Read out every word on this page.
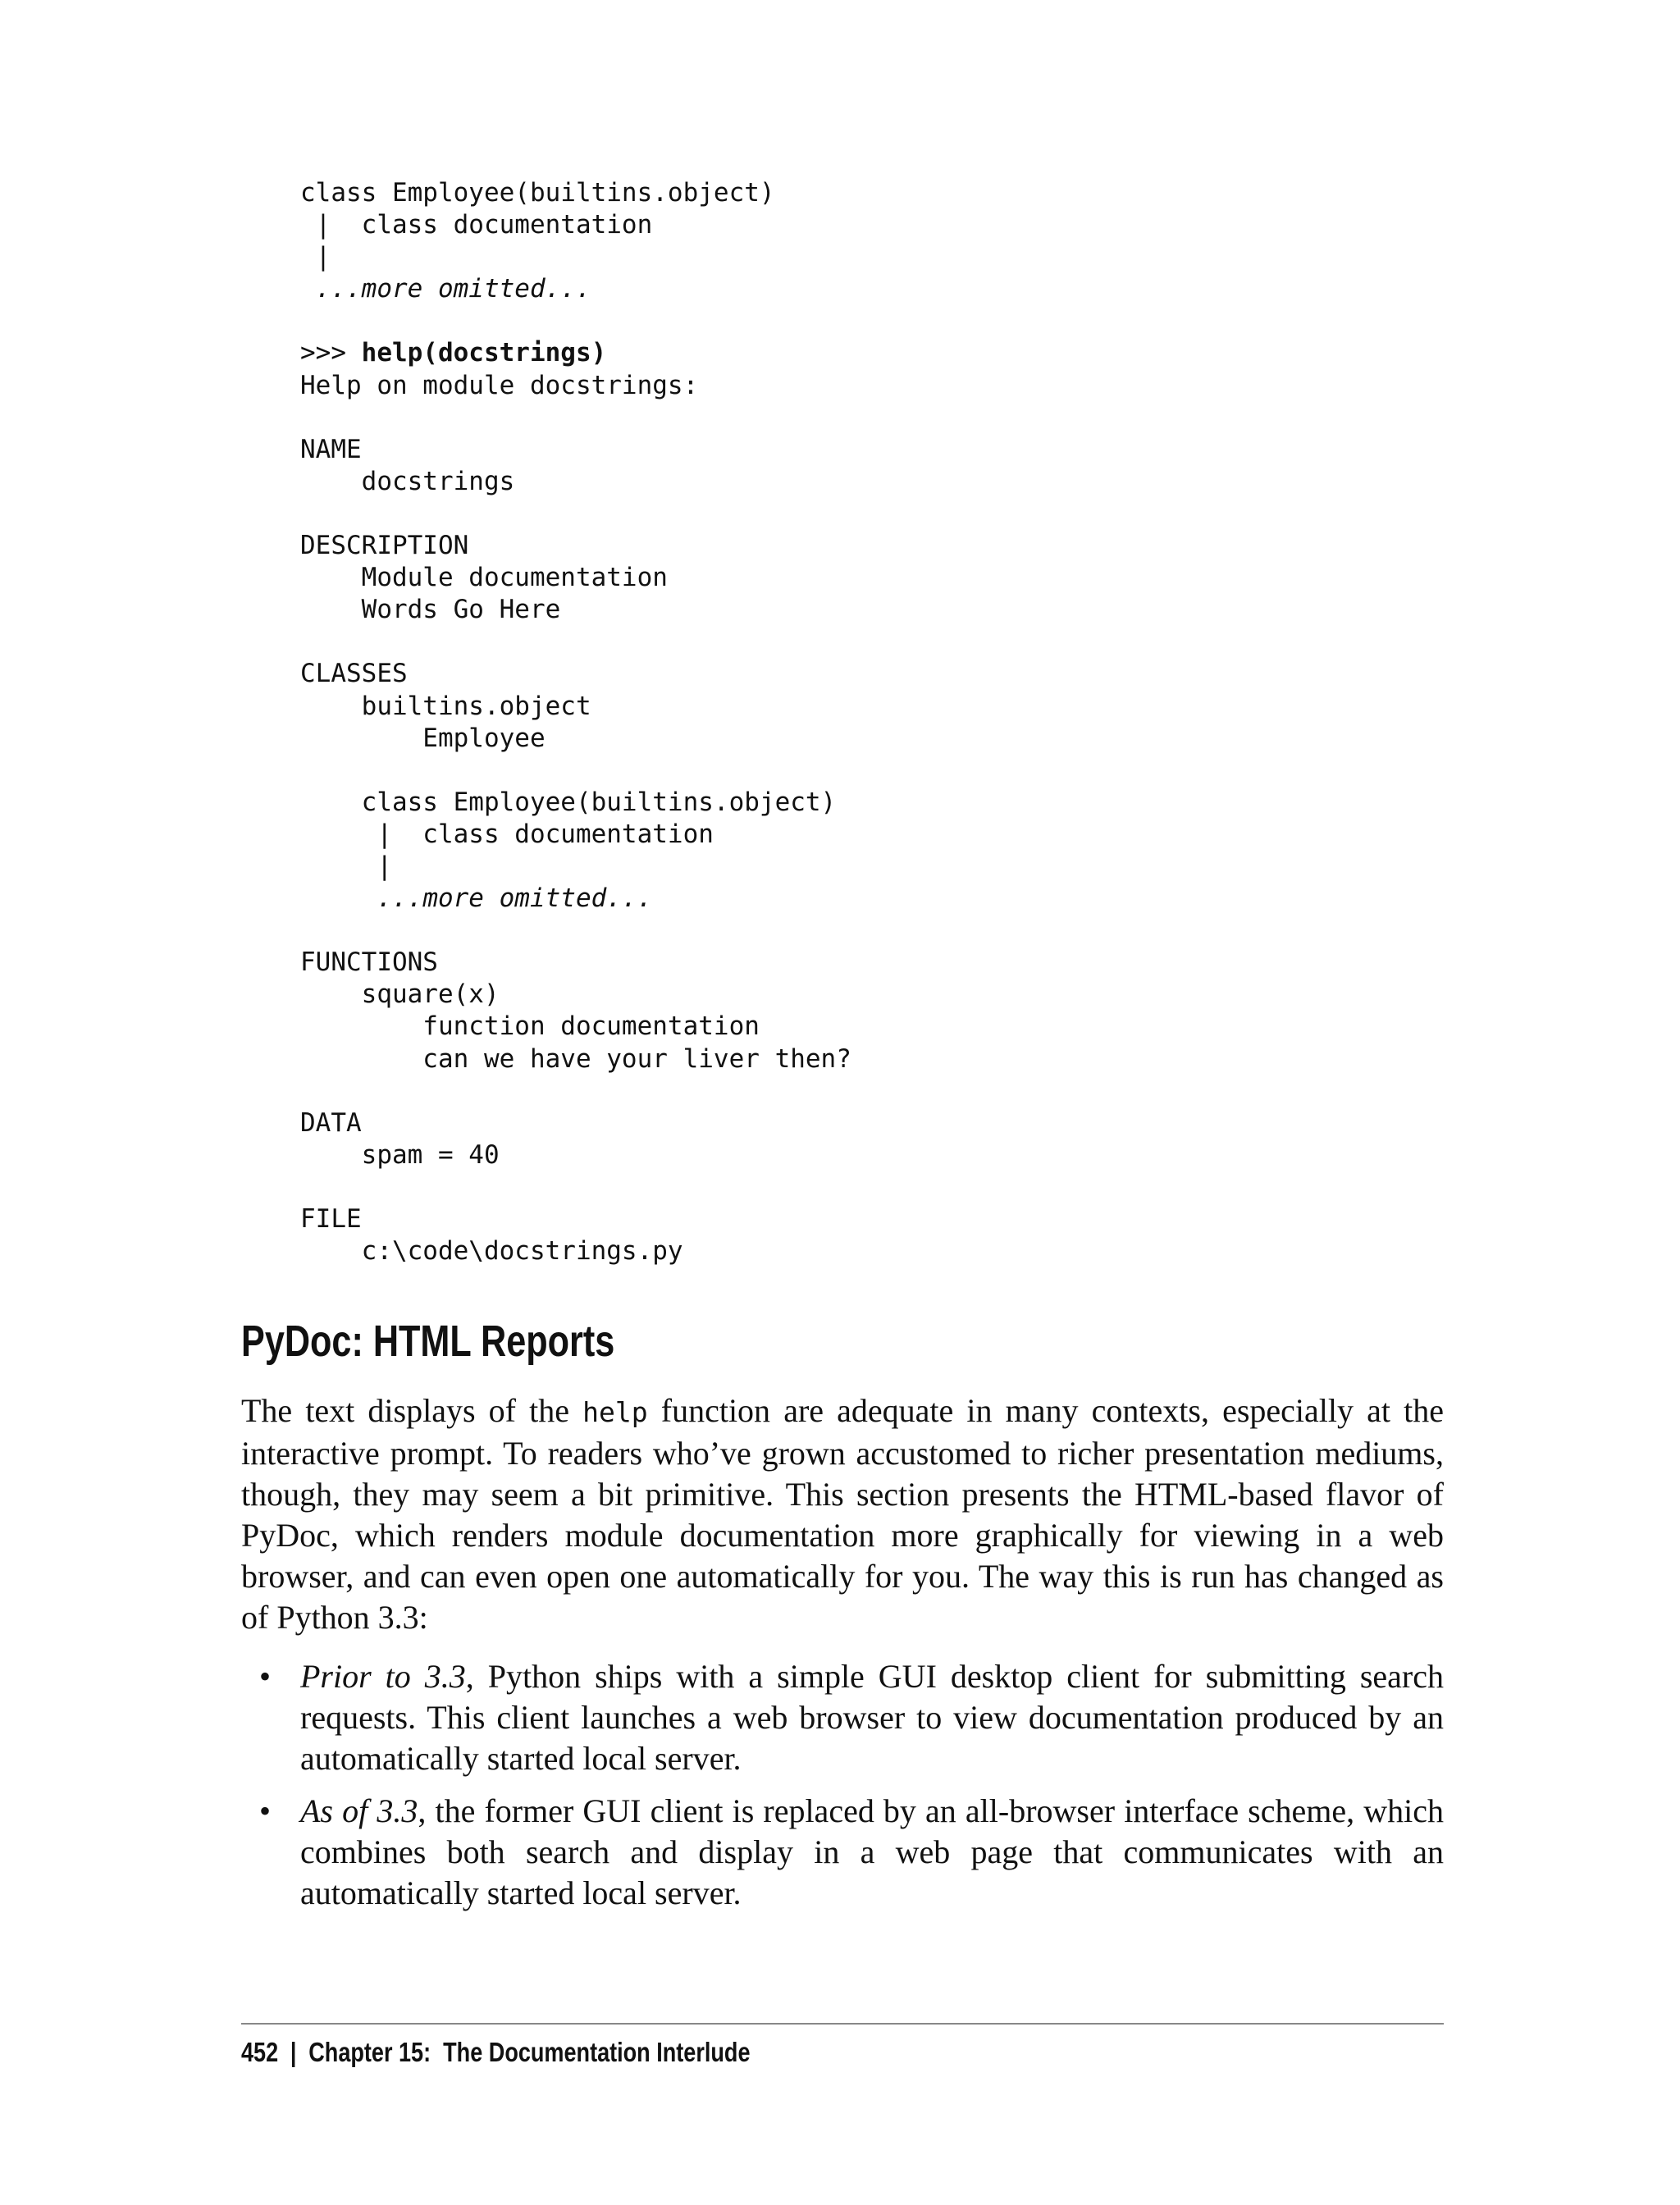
class Employee(builtins.object)
|  class documentation
|
...more omitted...
>>> help(docstrings)
Help on module docstrings:
NAME
docstrings
DESCRIPTION
Module documentation
Words Go Here
CLASSES
builtins.object
Employee
class Employee(builtins.object)
|  class documentation
|
...more omitted...
FUNCTIONS
square(x)
function documentation
can we have your liver then?
DATA
spam = 40
FILE
c:\code\docstrings.py
PyDoc: HTML Reports

The text displays of the help function are adequate in many contexts, especially at the interactive prompt. To readers who’ve grown accustomed to richer presentation mediums, though, they may seem a bit primitive. This section presents the HTML-based flavor of PyDoc, which renders module documentation more graphically for viewing in a web browser, and can even open one automatically for you. The way this is run has changed as of Python 3.3:

• Prior to 3.3, Python ships with a simple GUI desktop client for submitting search requests. This client launches a web browser to view documentation produced by an automatically started local server.
• As of 3.3, the former GUI client is replaced by an all-browser interface scheme, which combines both search and display in a web page that communicates with an automatically started local server.
452 | Chapter 15:  The Documentation Interlude
